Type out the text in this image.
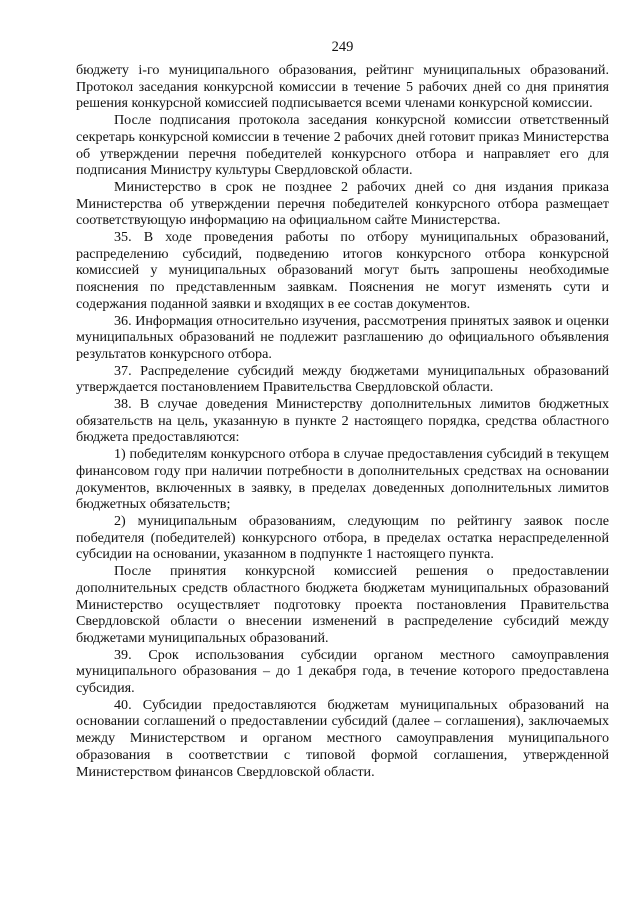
249

бюджету i-го муниципального образования, рейтинг муниципальных образований. Протокол заседания конкурсной комиссии в течение 5 рабочих дней со дня принятия решения конкурсной комиссией подписывается всеми членами конкурсной комиссии.

После подписания протокола заседания конкурсной комиссии ответственный секретарь конкурсной комиссии в течение 2 рабочих дней готовит приказ Министерства об утверждении перечня победителей конкурсного отбора и направляет его для подписания Министру культуры Свердловской области.

Министерство в срок не позднее 2 рабочих дней со дня издания приказа Министерства об утверждении перечня победителей конкурсного отбора размещает соответствующую информацию на официальном сайте Министерства.

35. В ходе проведения работы по отбору муниципальных образований, распределению субсидий, подведению итогов конкурсного отбора конкурсной комиссией у муниципальных образований могут быть запрошены необходимые пояснения по представленным заявкам. Пояснения не могут изменять сути и содержания поданной заявки и входящих в ее состав документов.

36. Информация относительно изучения, рассмотрения принятых заявок и оценки муниципальных образований не подлежит разглашению до официального объявления результатов конкурсного отбора.

37. Распределение субсидий между бюджетами муниципальных образований утверждается постановлением Правительства Свердловской области.

38. В случае доведения Министерству дополнительных лимитов бюджетных обязательств на цель, указанную в пункте 2 настоящего порядка, средства областного бюджета предоставляются:

1) победителям конкурсного отбора в случае предоставления субсидий в текущем финансовом году при наличии потребности в дополнительных средствах на основании документов, включенных в заявку, в пределах доведенных дополнительных лимитов бюджетных обязательств;

2) муниципальным образованиям, следующим по рейтингу заявок после победителя (победителей) конкурсного отбора, в пределах остатка нераспределенной субсидии на основании, указанном в подпункте 1 настоящего пункта.

После принятия конкурсной комиссией решения о предоставлении дополнительных средств областного бюджета бюджетам муниципальных образований Министерство осуществляет подготовку проекта постановления Правительства Свердловской области о внесении изменений в распределение субсидий между бюджетами муниципальных образований.

39. Срок использования субсидии органом местного самоуправления муниципального образования – до 1 декабря года, в течение которого предоставлена субсидия.

40. Субсидии предоставляются бюджетам муниципальных образований на основании соглашений о предоставлении субсидий (далее – соглашения), заключаемых между Министерством и органом местного самоуправления муниципального образования в соответствии с типовой формой соглашения, утвержденной Министерством финансов Свердловской области.
